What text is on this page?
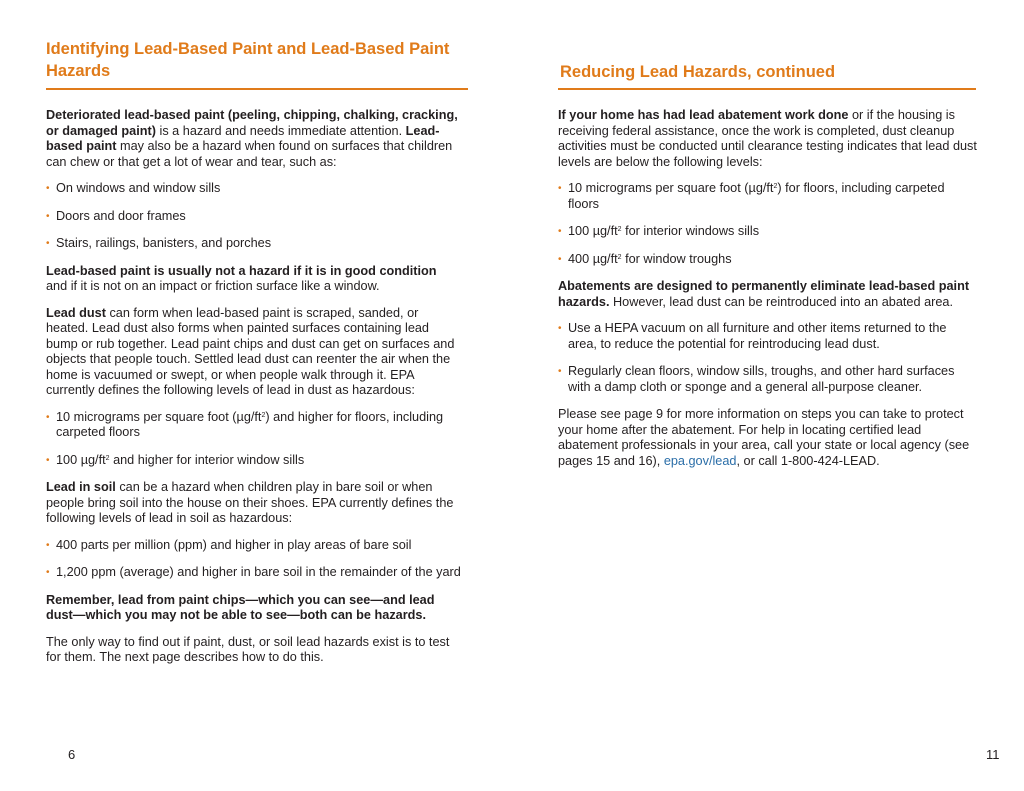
Identifying Lead-Based Paint and Lead-Based Paint Hazards

Deteriorated lead-based paint (peeling, chipping, chalking, cracking, or damaged paint) is a hazard and needs immediate attention. Lead-based paint may also be a hazard when found on surfaces that children can chew or that get a lot of wear and tear, such as:

• On windows and window sills
• Doors and door frames
• Stairs, railings, banisters, and porches

Lead-based paint is usually not a hazard if it is in good condition and if it is not on an impact or friction surface like a window.

Lead dust can form when lead-based paint is scraped, sanded, or heated. Lead dust also forms when painted surfaces containing lead bump or rub together. Lead paint chips and dust can get on surfaces and objects that people touch. Settled lead dust can reenter the air when the home is vacuumed or swept, or when people walk through it. EPA currently defines the following levels of lead in dust as hazardous:

• 10 micrograms per square foot $(\mu g/ft^2)$ and higher for floors, including carpeted floors
• 100 $\mu g/ft^2$ and higher for interior window sills

Lead in soil can be a hazard when children play in bare soil or when people bring soil into the house on their shoes. EPA currently defines the following levels of lead in soil as hazardous:

• 400 parts per million (ppm) and higher in play areas of bare soil
• 1,200 ppm (average) and higher in bare soil in the remainder of the yard

Remember, lead from paint chips—which you can see—and lead dust—which you may not be able to see—both can be hazards.

The only way to find out if paint, dust, or soil lead hazards exist is to test for them. The next page describes how to do this.

6
Reducing Lead Hazards, continued

If your home has had lead abatement work done or if the housing is receiving federal assistance, once the work is completed, dust cleanup activities must be conducted until clearance testing indicates that lead dust levels are below the following levels:

• 10 micrograms per square foot $(\mu g/ft^2)$ for floors, including carpeted floors
• 100 $\mu g/ft^2$ for interior windows sills
• 400 $\mu g/ft^2$ for window troughs

Abatements are designed to permanently eliminate lead-based paint hazards. However, lead dust can be reintroduced into an abated area.

• Use a HEPA vacuum on all furniture and other items returned to the area, to reduce the potential for reintroducing lead dust.
• Regularly clean floors, window sills, troughs, and other hard surfaces with a damp cloth or sponge and a general all-purpose cleaner.

Please see page 9 for more information on steps you can take to protect your home after the abatement. For help in locating certified lead abatement professionals in your area, call your state or local agency (see pages 15 and 16), epa.gov/lead, or call 1-800-424-LEAD.

11
